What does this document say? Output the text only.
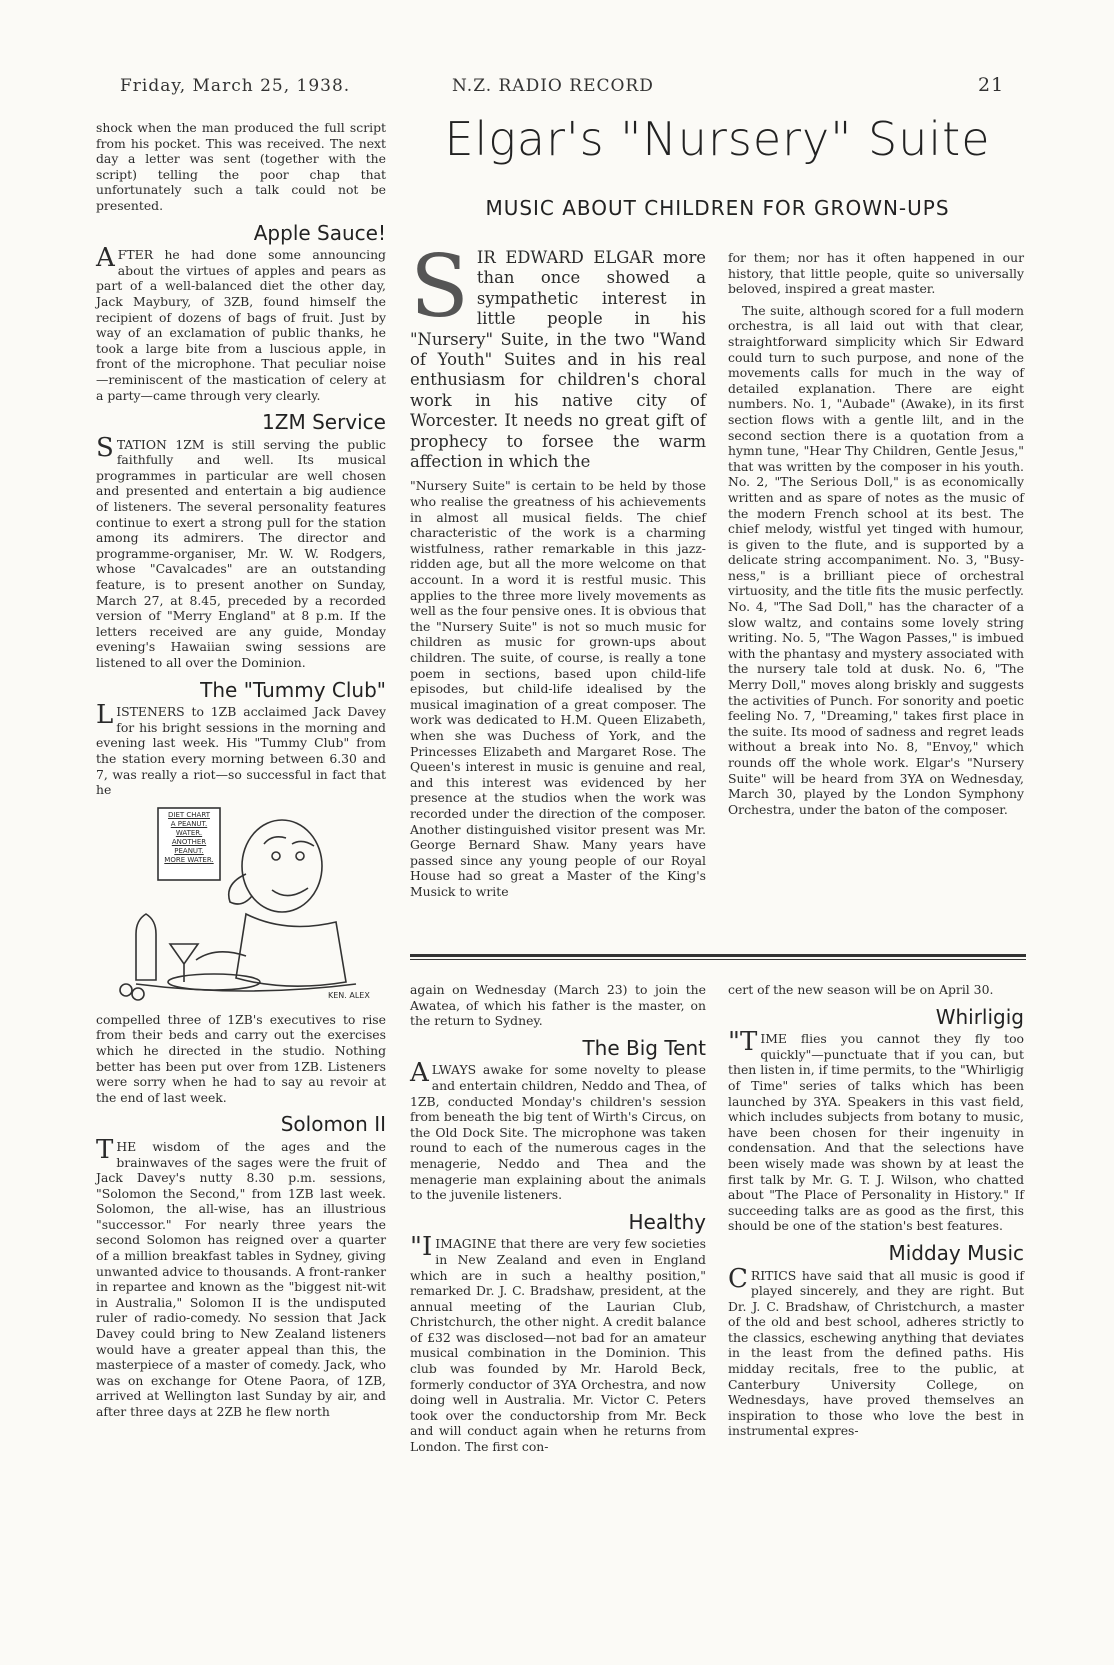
Friday, March 25, 1938.	N.Z. RADIO RECORD	21

shock when the man produced the full script from his pocket. This was received. The next day a letter was sent (together with the script) telling the poor chap that unfortunately such a talk could not be presented.

Apple Sauce!

AFTER he had done some announcing about the virtues of apples and pears as part of a well-balanced diet the other day, Jack Maybury, of 3ZB, found himself the recipient of dozens of bags of fruit. Just by way of an exclamation of public thanks, he took a large bite from a luscious apple, in front of the microphone. That peculiar noise—reminiscent of the mastication of celery at a party—came through very clearly.

1ZM Service

STATION 1ZM is still serving the public faithfully and well. Its musical programmes in particular are well chosen and presented and entertain a big audience of listeners. The several personality features continue to exert a strong pull for the station among its admirers. The director and programme-organiser, Mr. W. W. Rodgers, whose "Cavalcades" are an outstanding feature, is to present another on Sunday, March 27, at 8.45, preceded by a recorded version of "Merry England" at 8 p.m. If the letters received are any guide, Monday evening's Hawaiian swing sessions are listened to all over the Dominion.

The "Tummy Club"

LISTENERS to 1ZB acclaimed Jack Davey for his bright sessions in the morning and evening last week. His "Tummy Club" from the station every morning between 6.30 and 7, was really a riot—so successful in fact that he

DIET CHART
A PEANUT.
WATER.
ANOTHER
PEANUT.
MORE WATER.
KEN. ALEX

compelled three of 1ZB's executives to rise from their beds and carry out the exercises which he directed in the studio. Nothing better has been put over from 1ZB. Listeners were sorry when he had to say au revoir at the end of last week.

Solomon II

THE wisdom of the ages and the brainwaves of the sages were the fruit of Jack Davey's nutty 8.30 p.m. sessions, "Solomon the Second," from 1ZB last week. Solomon, the all-wise, has an illustrious "successor." For nearly three years the second Solomon has reigned over a quarter of a million breakfast tables in Sydney, giving unwanted advice to thousands. A front-ranker in repartee and known as the "biggest nit-wit in Australia," Solomon II is the undisputed ruler of radio-comedy. No session that Jack Davey could bring to New Zealand listeners would have a greater appeal than this, the masterpiece of a master of comedy. Jack, who was on exchange for Otene Paora, of 1ZB, arrived at Wellington last Sunday by air, and after three days at 2ZB he flew north

Elgar's "Nursery" Suite
MUSIC ABOUT CHILDREN FOR GROWN-UPS

SIR EDWARD ELGAR more than once showed a sympathetic interest in little people in his "Nursery" Suite, in the two "Wand of Youth" Suites and in his real enthusiasm for children's choral work in his native city of Worcester. It needs no great gift of prophecy to forsee the warm affection in which the

"Nursery Suite" is certain to be held by those who realise the greatness of his achievements in almost all musical fields. The chief characteristic of the work is a charming wistfulness, rather remarkable in this jazz-ridden age, but all the more welcome on that account. In a word it is restful music. This applies to the three more lively movements as well as the four pensive ones. It is obvious that the "Nursery Suite" is not so much music for children as music for grown-ups about children. The suite, of course, is really a tone poem in sections, based upon child-life episodes, but child-life idealised by the musical imagination of a great composer. The work was dedicated to H.M. Queen Elizabeth, when she was Duchess of York, and the Princesses Elizabeth and Margaret Rose. The Queen's interest in music is genuine and real, and this interest was evidenced by her presence at the studios when the work was recorded under the direction of the composer. Another distinguished visitor present was Mr. George Bernard Shaw. Many years have passed since any young people of our Royal House had so great a Master of the King's Musick to write

for them; nor has it often happened in our history, that little people, quite so universally beloved, inspired a great master.

The suite, although scored for a full modern orchestra, is all laid out with that clear, straightforward simplicity which Sir Edward could turn to such purpose, and none of the movements calls for much in the way of detailed explanation. There are eight numbers. No. 1, "Aubade" (Awake), in its first section flows with a gentle lilt, and in the second section there is a quotation from a hymn tune, "Hear Thy Children, Gentle Jesus," that was written by the composer in his youth. No. 2, "The Serious Doll," is as economically written and as spare of notes as the music of the modern French school at its best. The chief melody, wistful yet tinged with humour, is given to the flute, and is supported by a delicate string accompaniment. No. 3, "Busy-ness," is a brilliant piece of orchestral virtuosity, and the title fits the music perfectly. No. 4, "The Sad Doll," has the character of a slow waltz, and contains some lovely string writing. No. 5, "The Wagon Passes," is imbued with the phantasy and mystery associated with the nursery tale told at dusk. No. 6, "The Merry Doll," moves along briskly and suggests the activities of Punch. For sonority and poetic feeling No. 7, "Dreaming," takes first place in the suite. Its mood of sadness and regret leads without a break into No. 8, "Envoy," which rounds off the whole work. Elgar's "Nursery Suite" will be heard from 3YA on Wednesday, March 30, played by the London Symphony Orchestra, under the baton of the composer.

again on Wednesday (March 23) to join the Awatea, of which his father is the master, on the return to Sydney.

The Big Tent

ALWAYS awake for some novelty to please and entertain children, Neddo and Thea, of 1ZB, conducted Monday's children's session from beneath the big tent of Wirth's Circus, on the Old Dock Site. The microphone was taken round to each of the numerous cages in the menagerie, Neddo and Thea and the menagerie man explaining about the animals to the juvenile listeners.

Healthy

"IIMAGINE that there are very few societies in New Zealand and even in England which are in such a healthy position," remarked Dr. J. C. Bradshaw, president, at the annual meeting of the Laurian Club, Christchurch, the other night. A credit balance of £32 was disclosed—not bad for an amateur musical combination in the Dominion. This club was founded by Mr. Harold Beck, formerly conductor of 3YA Orchestra, and now doing well in Australia. Mr. Victor C. Peters took over the conductorship from Mr. Beck and will conduct again when he returns from London. The first con-

cert of the new season will be on April 30.

Whirligig

"TIME flies you cannot they fly too quickly"—punctuate that if you can, but then listen in, if time permits, to the "Whirligig of Time" series of talks which has been launched by 3YA. Speakers in this vast field, which includes subjects from botany to music, have been chosen for their ingenuity in condensation. And that the selections have been wisely made was shown by at least the first talk by Mr. G. T. J. Wilson, who chatted about "The Place of Personality in History." If succeeding talks are as good as the first, this should be one of the station's best features.

Midday Music

CRITICS have said that all music is good if played sincerely, and they are right. But Dr. J. C. Bradshaw, of Christchurch, a master of the old and best school, adheres strictly to the classics, eschewing anything that deviates in the least from the defined paths. His midday recitals, free to the public, at Canterbury University College, on Wednesdays, have proved themselves an inspiration to those who love the best in instrumental expres-
